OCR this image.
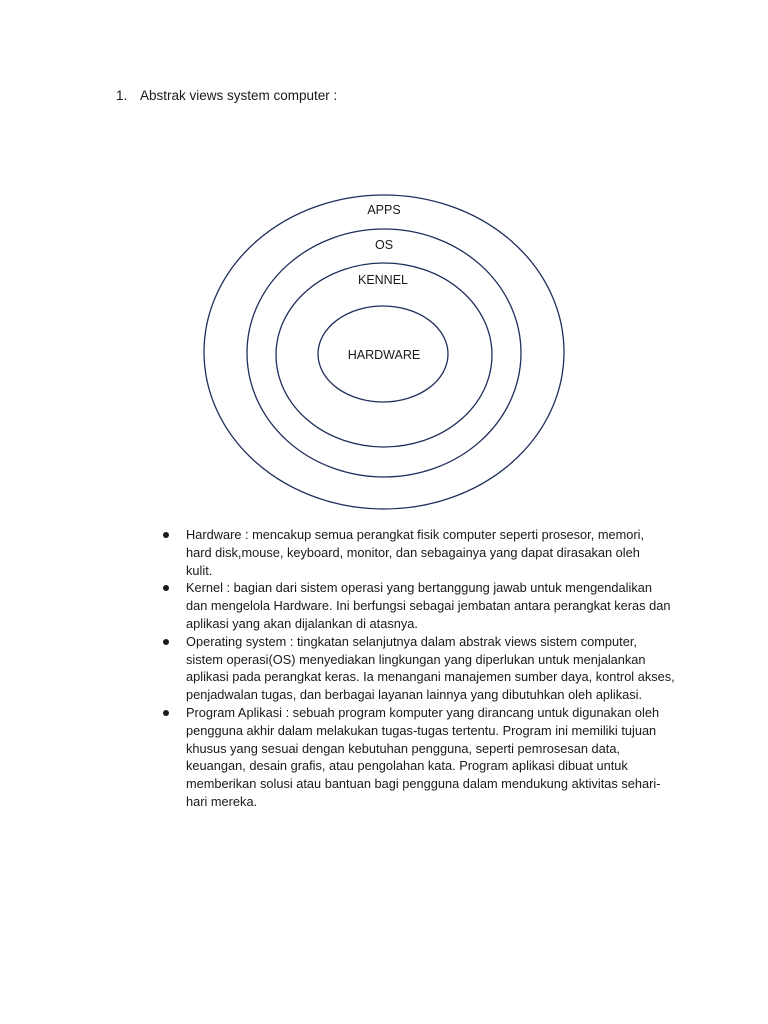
1. Abstrak views system computer :
APPS
OS
KENNEL
HARDWARE
Hardware : mencakup semua perangkat fisik computer seperti prosesor, memori,
hard disk,mouse, keyboard, monitor, dan sebagainya yang dapat dirasakan oleh
kulit.
Kernel : bagian dari sistem operasi yang bertanggung jawab untuk mengendalikan
dan mengelola Hardware. Ini berfungsi sebagai jembatan antara perangkat keras dan
aplikasi yang akan dijalankan di atasnya.
Operating system : tingkatan selanjutnya dalam abstrak views sistem computer,
sistem operasi(OS) menyediakan lingkungan yang diperlukan untuk menjalankan
aplikasi pada perangkat keras. Ia menangani manajemen sumber daya, kontrol akses,
penjadwalan tugas, dan berbagai layanan lainnya yang dibutuhkan oleh aplikasi.
Program Aplikasi : sebuah program komputer yang dirancang untuk digunakan oleh
pengguna akhir dalam melakukan tugas-tugas tertentu. Program ini memiliki tujuan
khusus yang sesuai dengan kebutuhan pengguna, seperti pemrosesan data,
keuangan, desain grafis, atau pengolahan kata. Program aplikasi dibuat untuk
memberikan solusi atau bantuan bagi pengguna dalam mendukung aktivitas sehari-
hari mereka.
